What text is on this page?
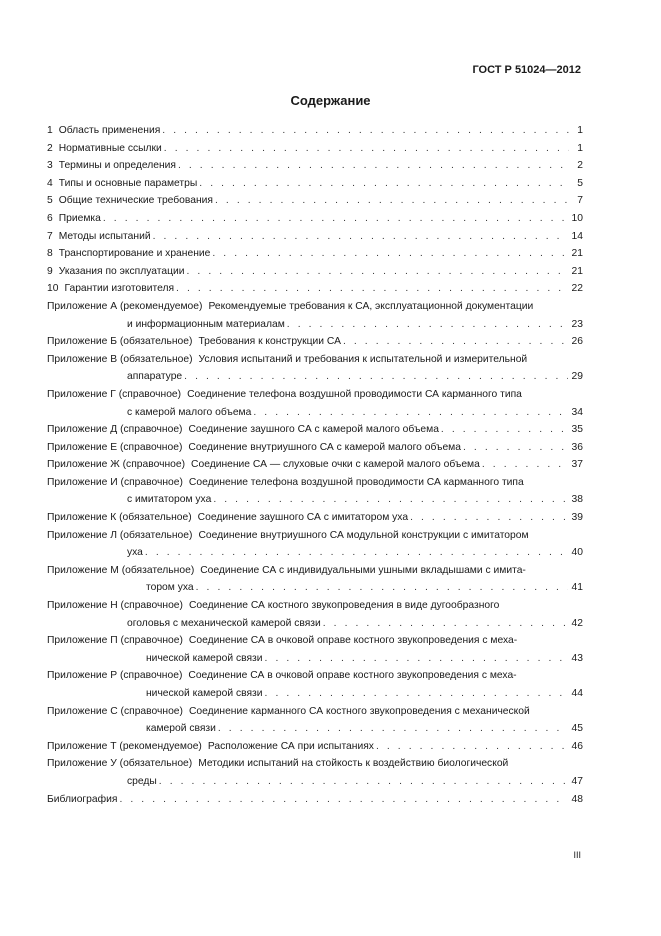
ГОСТ Р 51024—2012
Содержание
1 Область применения . . .	1
2 Нормативные ссылки . . .	1
3 Термины и определения . . .	2
4 Типы и основные параметры . . .	5
5 Общие технические требования . . .	7
6 Приемка . . .	10
7 Методы испытаний . . .	14
8 Транспортирование и хранение . . .	21
9 Указания по эксплуатации . . .	21
10 Гарантии изготовителя . . .	22
Приложение А (рекомендуемое) Рекомендуемые требования к СА, эксплуатационной документации
и информационным материалам . . .	23
Приложение Б (обязательное) Требования к конструкции СА . . .	26
Приложение В (обязательное) Условия испытаний и требования к испытательной и измерительной
аппаратуре . . .	29
Приложение Г (справочное) Соединение телефона воздушной проводимости СА карманного типа
с камерой малого объема . . .	34
Приложение Д (справочное) Соединение заушного СА с камерой малого объема . . .	35
Приложение Е (справочное) Соединение внутриушного СА с камерой малого объема . . .	36
Приложение Ж (справочное) Соединение СА — слуховые очки с камерой малого объема . . .	37
Приложение И (справочное) Соединение телефона воздушной проводимости СА карманного типа
с имитатором уха . . .	38
Приложение К (обязательное) Соединение заушного СА с имитатором уха . . .	39
Приложение Л (обязательное) Соединение внутриушного СА модульной конструкции с имитатором
уха . . .	40
Приложение М (обязательное) Соединение СА с индивидуальными ушными вкладышами с имита-
тором уха . . .	41
Приложение Н (справочное) Соединение СА костного звукопроведения в виде дугообразного
оголовья с механической камерой связи . . .	42
Приложение П (справочное) Соединение СА в очковой оправе костного звукопроведения с меха-
нической камерой связи . . .	43
Приложение Р (справочное) Соединение СА в очковой оправе костного звукопроведения с меха-
нической камерой связи . . .	44
Приложение С (справочное) Соединение карманного СА костного звукопроведения с механической
камерой связи . . .	45
Приложение Т (рекомендуемое) Расположение СА при испытаниях . . .	46
Приложение У (обязательное) Методики испытаний на стойкость к воздействию биологической
среды . . .	47
Библиография . . .	48
III
